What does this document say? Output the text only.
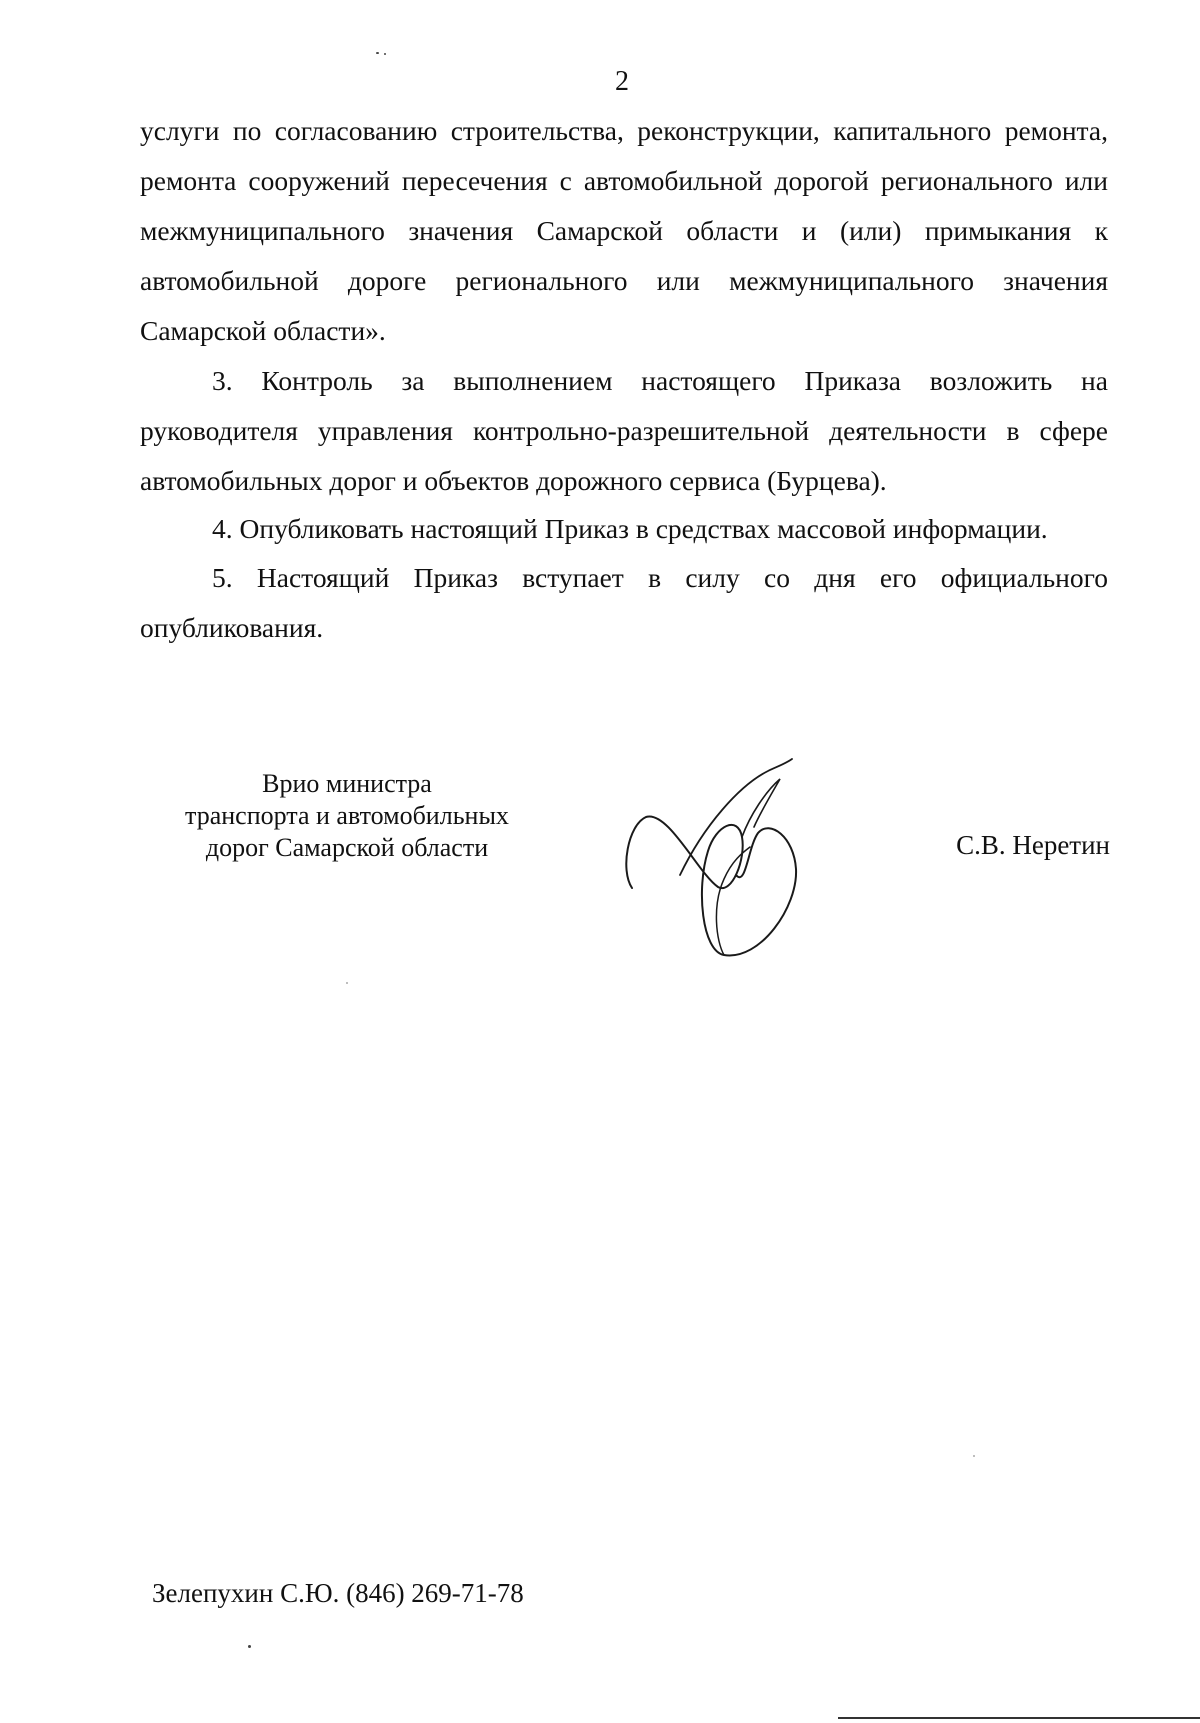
2

услуги по согласованию строительства, реконструкции, капитального ремонта, ремонта сооружений пересечения с автомобильной дорогой регионального или межмуниципального значения Самарской области и (или) примыкания к автомобильной дороге регионального или межмуниципального значения Самарской области».

3. Контроль за выполнением настоящего Приказа возложить на руководителя управления контрольно-разрешительной деятельности в сфере автомобильных дорог и объектов дорожного сервиса (Бурцева).

4. Опубликовать настоящий Приказ в средствах массовой информации.

5. Настоящий Приказ вступает в силу со дня его официального опубликования.

Врио министра
транспорта и автомобильных
дорог Самарской области	С.В. Неретин
Зелепухин С.Ю. (846) 269-71-78
